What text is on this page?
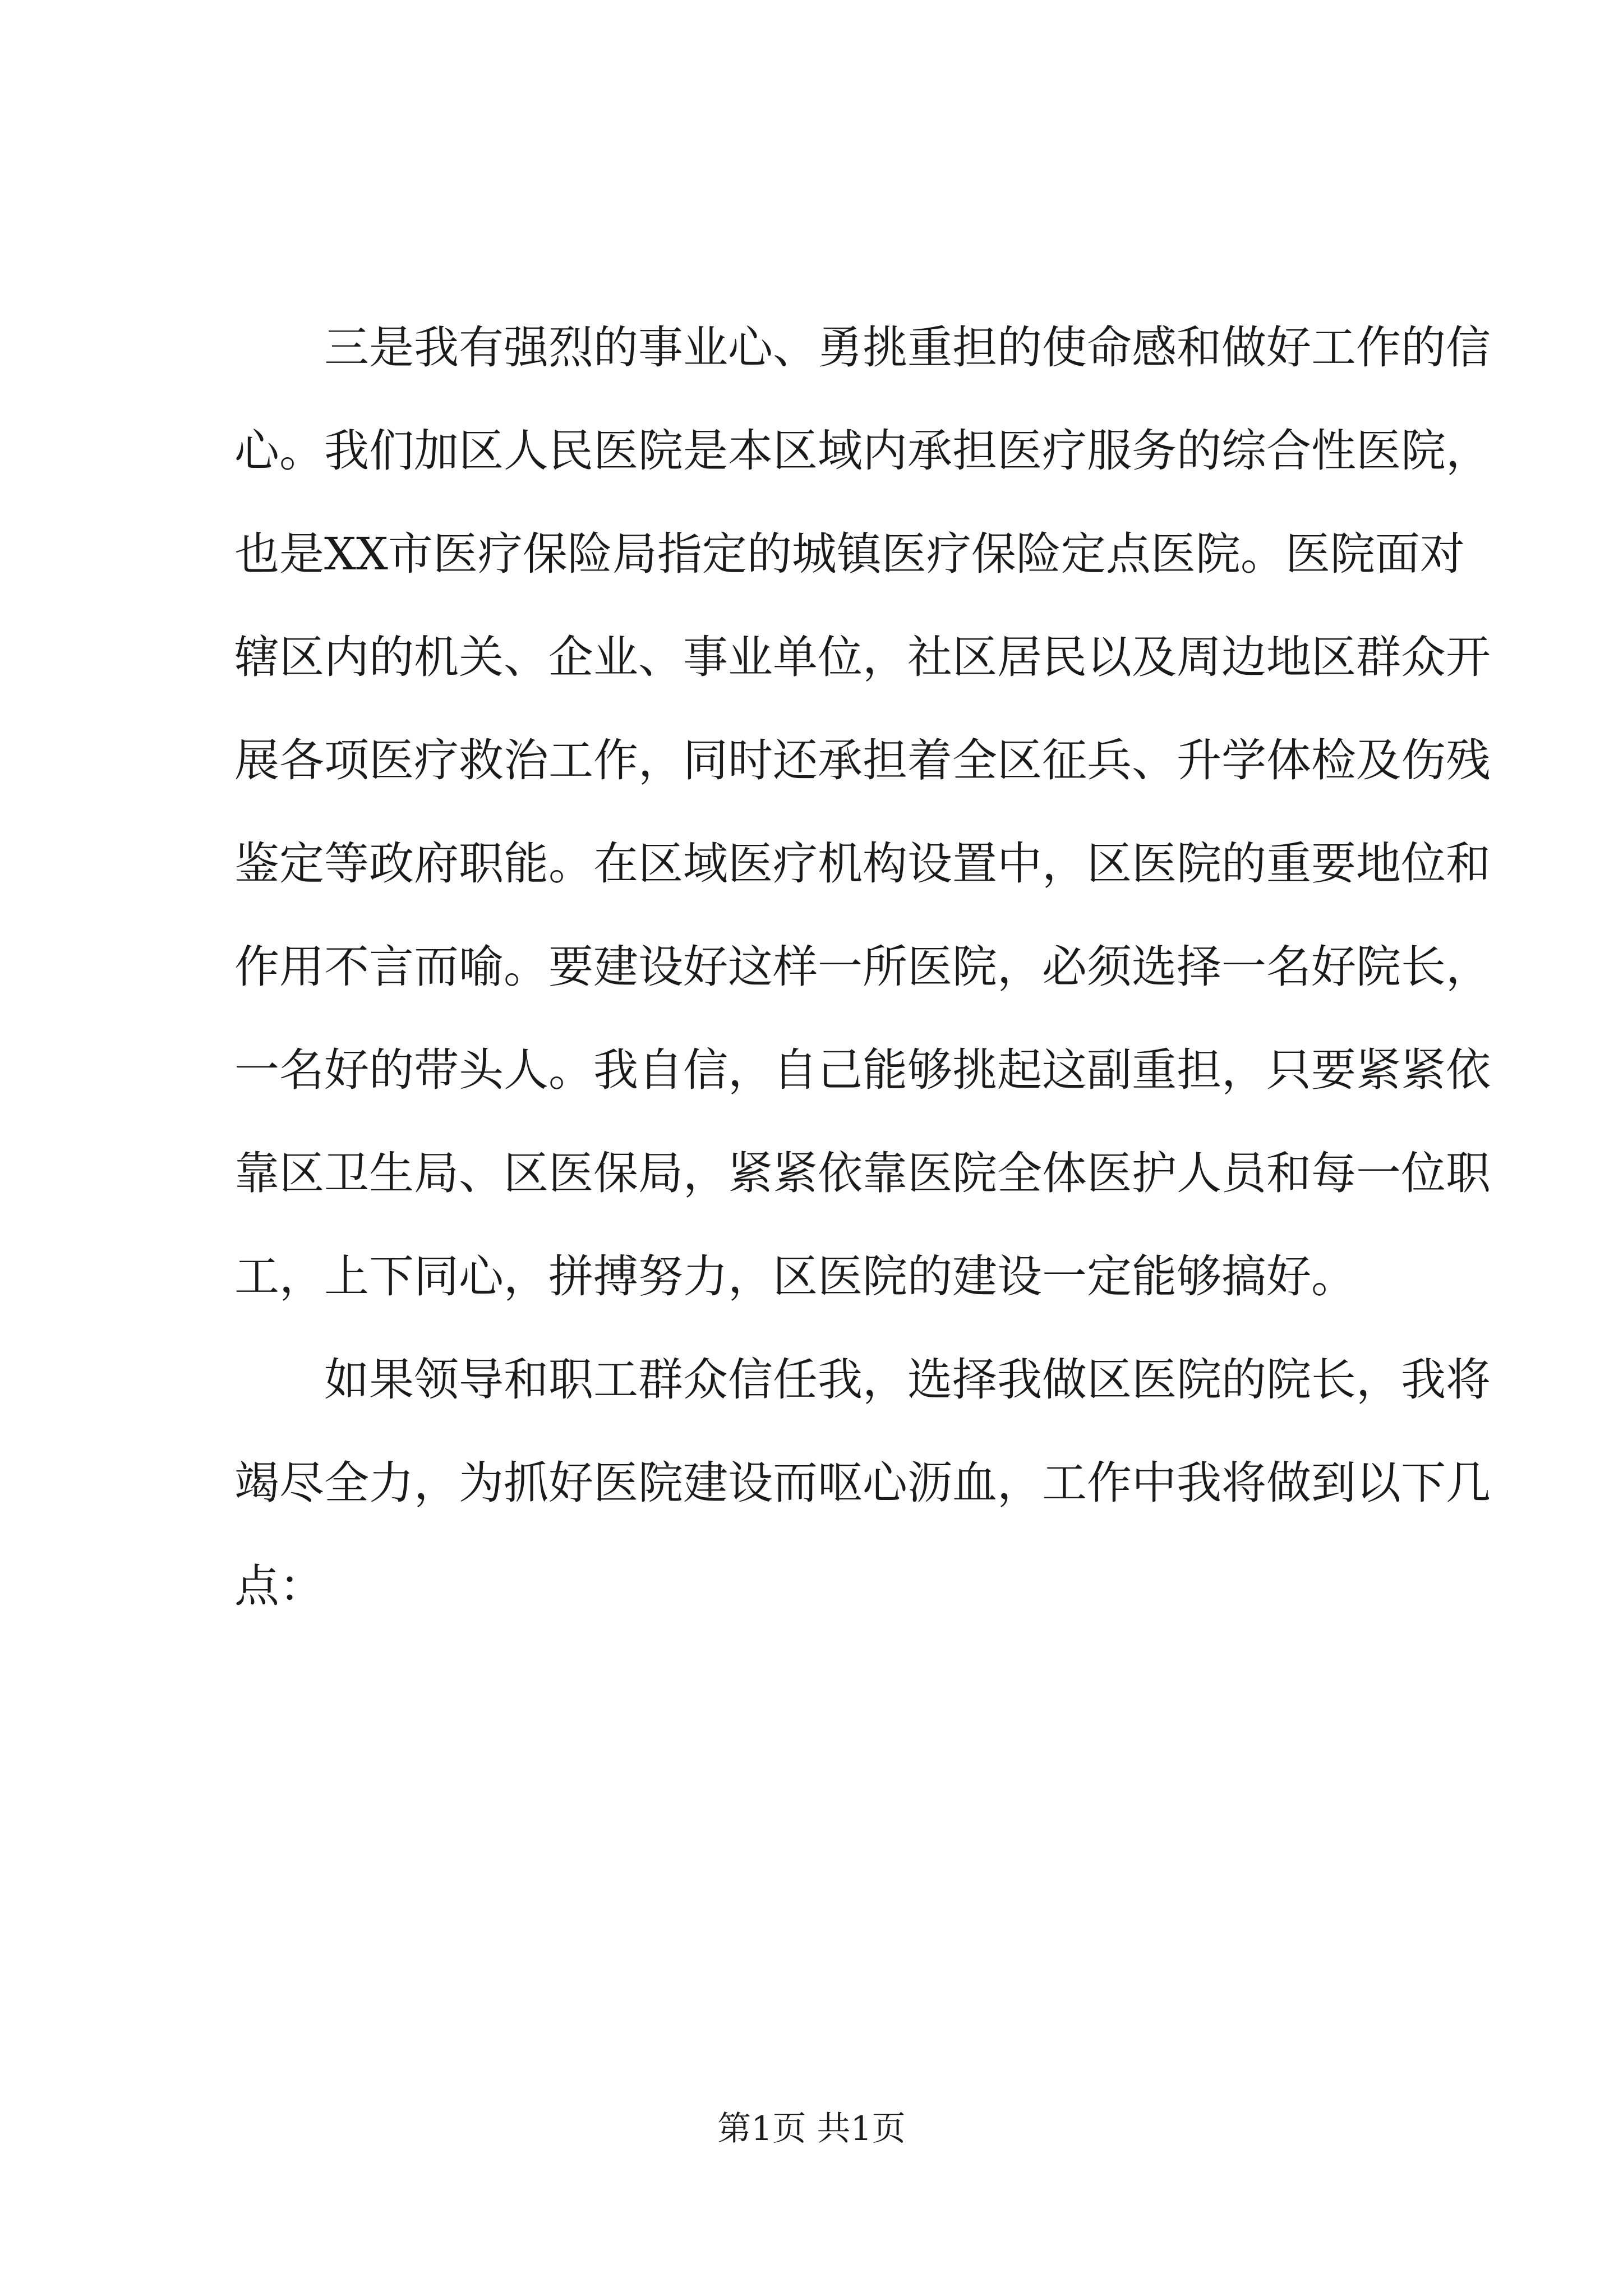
三是我有强烈的事业心、勇挑重担的使命感和做好工作的信
心。我们加区人民医院是本区域内承担医疗服务的综合性医院，
也是XX市医疗保险局指定的城镇医疗保险定点医院。医院面对
辖区内的机关、企业、事业单位，社区居民以及周边地区群众开
展各项医疗救治工作，同时还承担着全区征兵、升学体检及伤残
鉴定等政府职能。在区域医疗机构设置中，区医院的重要地位和
作用不言而喻。要建设好这样一所医院，必须选择一名好院长，
一名好的带头人。我自信，自己能够挑起这副重担，只要紧紧依
靠区卫生局、区医保局，紧紧依靠医院全体医护人员和每一位职
工，上下同心，拼搏努力，区医院的建设一定能够搞好。
如果领导和职工群众信任我，选择我做区医院的院长，我将
竭尽全力，为抓好医院建设而呕心沥血，工作中我将做到以下几
点：
第1页 共1页
